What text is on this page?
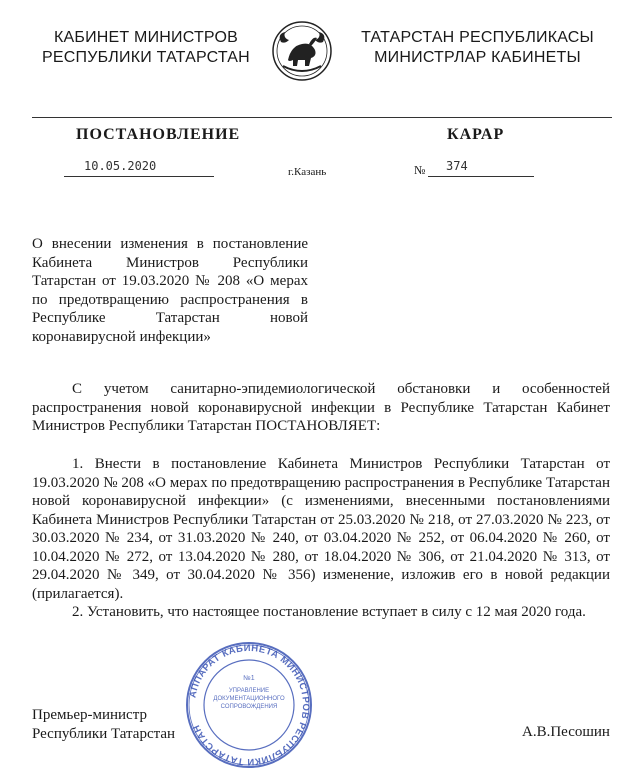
КАБИНЕТ МИНИСТРОВ
РЕСПУБЛИКИ ТАТАРСТАН
ТАТАРСТАН РЕСПУБЛИКАСЫ
МИНИСТРЛАР КАБИНЕТЫ
ПОСТАНОВЛЕНИЕ	КАРАР
10.05.2020	г.Казань	№ 374
О внесении изменения в постановление Кабинета Министров Республики Татарстан от 19.03.2020 № 208 «О мерах по предотвращению распространения в Республике Татарстан новой коронавирусной инфекции»

С учетом санитарно-эпидемиологической обстановки и особенностей распространения новой коронавирусной инфекции в Республике Татарстан Кабинет Министров Республики Татарстан ПОСТАНОВЛЯЕТ:

1. Внести в постановление Кабинета Министров Республики Татарстан от 19.03.2020 № 208 «О мерах по предотвращению распространения в Республике Татарстан новой коронавирусной инфекции» (с изменениями, внесенными постановлениями Кабинета Министров Республики Татарстан от 25.03.2020 № 218, от 27.03.2020 № 223, от 30.03.2020 № 234, от 31.03.2020 № 240, от 03.04.2020 № 252, от 06.04.2020 № 260, от 10.04.2020 № 272, от 13.04.2020 № 280, от 18.04.2020 № 306, от 21.04.2020 № 313, от 29.04.2020 № 349, от 30.04.2020 № 356) изменение, изложив его в новой редакции (прилагается).

2. Установить, что настоящее постановление вступает в силу с 12 мая 2020 года.

АППАРАТ КАБИНЕТА МИНИСТРОВ РЕСПУБЛИКИ ТАТАРСТАН
№1
УПРАВЛЕНИЕ
ДОКУМЕНТАЦИОННОГО
СОПРОВОЖДЕНИЯ
Премьер-министр
Республики Татарстан	А.В.Песошин
